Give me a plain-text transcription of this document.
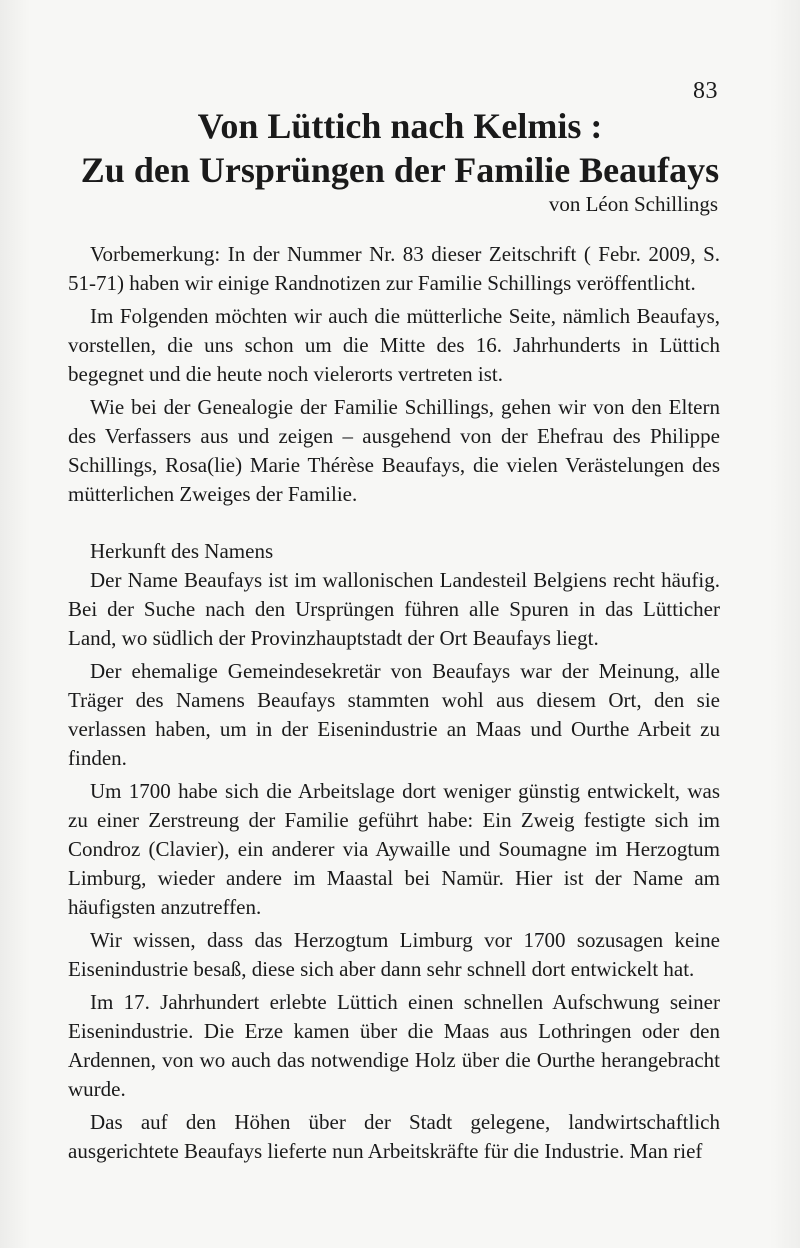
83
Von Lüttich nach Kelmis :
Zu den Ursprüngen der Familie Beaufays
von Léon Schillings

Vorbemerkung: In der Nummer Nr. 83 dieser Zeitschrift ( Febr. 2009, S. 51-71) haben wir einige Randnotizen zur Familie Schillings veröffentlicht.

Im Folgenden möchten wir auch die mütterliche Seite, nämlich Beaufays, vorstellen, die uns schon um die Mitte des 16. Jahrhunderts in Lüttich begegnet und die heute noch vielerorts vertreten ist.

Wie bei der Genealogie der Familie Schillings, gehen wir von den Eltern des Verfassers aus und zeigen – ausgehend von der Ehefrau des Philippe Schillings, Rosa(lie) Marie Thérèse Beaufays, die vielen Verästelungen des mütterlichen Zweiges der Familie.

Herkunft des Namens

Der Name Beaufays ist im wallonischen Landesteil Belgiens recht häufig. Bei der Suche nach den Ursprüngen führen alle Spuren in das Lütticher Land, wo südlich der Provinzhauptstadt der Ort Beaufays liegt.

Der ehemalige Gemeindesekretär von Beaufays war der Meinung, alle Träger des Namens Beaufays stammten wohl aus diesem Ort, den sie verlassen haben, um in der Eisenindustrie an Maas und Ourthe Arbeit zu finden.

Um 1700 habe sich die Arbeitslage dort weniger günstig entwickelt, was zu einer Zerstreung der Familie geführt habe: Ein Zweig festigte sich im Condroz (Clavier), ein anderer via Aywaille und Soumagne im Herzogtum Limburg, wieder andere im Maastal bei Namür. Hier ist der Name am häufigsten anzutreffen.

Wir wissen, dass das Herzogtum Limburg vor 1700 sozusagen keine Eisenindustrie besaß, diese sich aber dann sehr schnell dort entwickelt hat.

Im 17. Jahrhundert erlebte Lüttich einen schnellen Aufschwung seiner Eisenindustrie. Die Erze kamen über die Maas aus Lothringen oder den Ardennen, von wo auch das notwendige Holz über die Ourthe herangebracht wurde.

Das auf den Höhen über der Stadt gelegene, landwirtschaftlich ausgerichtete Beaufays lieferte nun Arbeitskräfte für die Industrie. Man rief
